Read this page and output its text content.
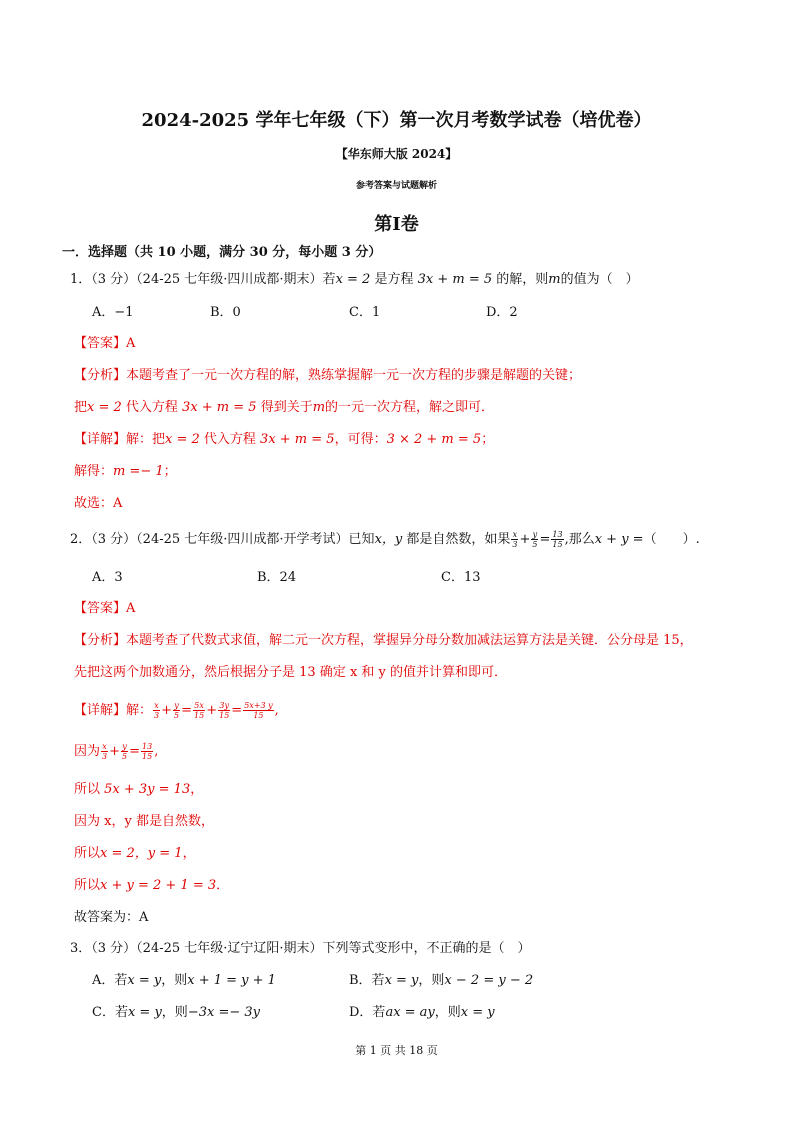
2024-2025 学年七年级（下）第一次月考数学试卷（培优卷）
【华东师大版 2024】
参考答案与试题解析
第Ⅰ卷
一．选择题（共 10 小题，满分 30 分，每小题 3 分）
1．（3 分）（24-25 七年级·四川成都·期末）若x = 2 是方程 3x + m = 5 的解，则m的值为（　）
A．−1	B．0	C．1	D．2
【答案】A
【分析】本题考查了一元一次方程的解，熟练掌握解一元一次方程的步骤是解题的关键；
把x = 2 代入方程 3x + m = 5 得到关于m的一元一次方程，解之即可．
【详解】解：把x = 2 代入方程 3x + m = 5，可得：3 × 2 + m = 5；
解得：m =− 1；
故选：A
2．（3 分）（24-25 七年级·四川成都·开学考试）已知x，y 都是自然数，如果 $\frac{x}{3} + \frac{y}{5} = \frac{13}{15}$ ,那么x + y =（　　）.
A．3	B．24	C．13
【答案】A
【分析】本题考查了代数式求值，解二元一次方程，掌握异分母分数加减法运算方法是关键．公分母是 15，
先把这两个加数通分，然后根据分子是 13 确定 x 和 y 的值并计算和即可．
【详解】解： $\frac{x}{3} + \frac{y}{5} = \frac{5x}{15} + \frac{3y}{15} = \frac{5x+3 y}{15}$ ,
因为 $\frac{x}{3} + \frac{y}{5} = \frac{13}{15}$ ,
所以 5x + 3y = 13，
因为 x，y 都是自然数，
所以x = 2，y = 1，
所以x + y = 2 + 1 = 3．
故答案为：A
3．（3 分）（24-25 七年级·辽宁辽阳·期末）下列等式变形中，不正确的是（　）
A．若x = y，则x + 1 = y + 1	B．若x = y，则x − 2 = y − 2
C．若x = y，则−3x =− 3y	D．若ax = ay，则x = y
第 1 页 共 18 页
